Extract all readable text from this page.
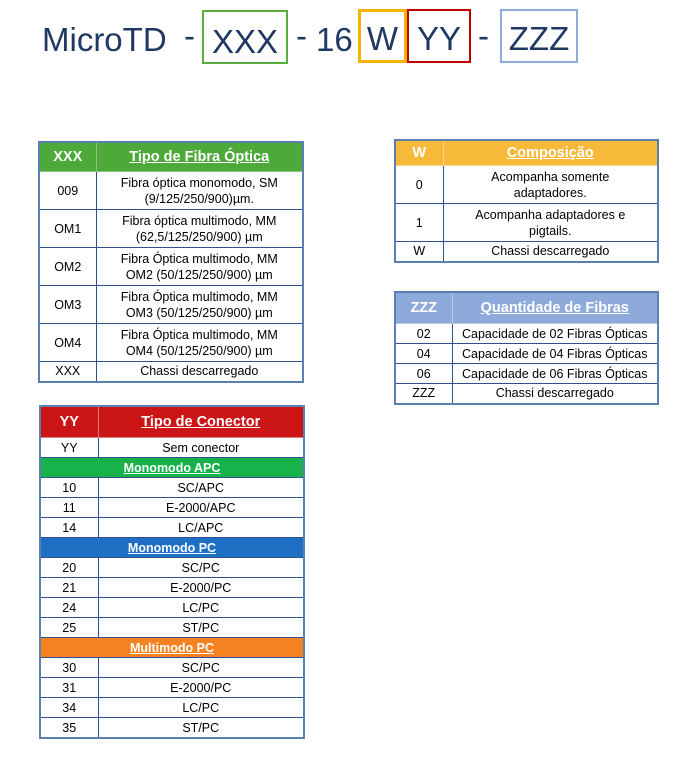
MicroTD - XXX - 16 W YY - ZZZ
XXX	Tipo de Fibra Óptica
009	Fibra óptica monomodo, SM
(9/125/250/900)µm.
OM1	Fibra óptica multimodo, MM
(62,5/125/250/900) µm
OM2	Fibra Óptica multimodo, MM
OM2 (50/125/250/900) µm
OM3	Fibra Óptica multimodo, MM
OM3 (50/125/250/900) µm
OM4	Fibra Óptica multimodo, MM
OM4 (50/125/250/900) µm
XXX	Chassi descarregado
W	Composição
0	Acompanha somente
adaptadores.
1	Acompanha adaptadores e
pigtails.
W	Chassi descarregado
ZZZ	Quantidade de Fibras
02	Capacidade de 02 Fibras Ópticas
04	Capacidade de 04 Fibras Ópticas
06	Capacidade de 06 Fibras Ópticas
ZZZ	Chassi descarregado
YY	Tipo de Conector
YY	Sem conector
Monomodo APC	
10	SC/APC
11	E-2000/APC
14	LC/APC
Monomodo PC	
20	SC/PC
21	E-2000/PC
24	LC/PC
25	ST/PC
Multimodo PC	
30	SC/PC
31	E-2000/PC
34	LC/PC
35	ST/PC
